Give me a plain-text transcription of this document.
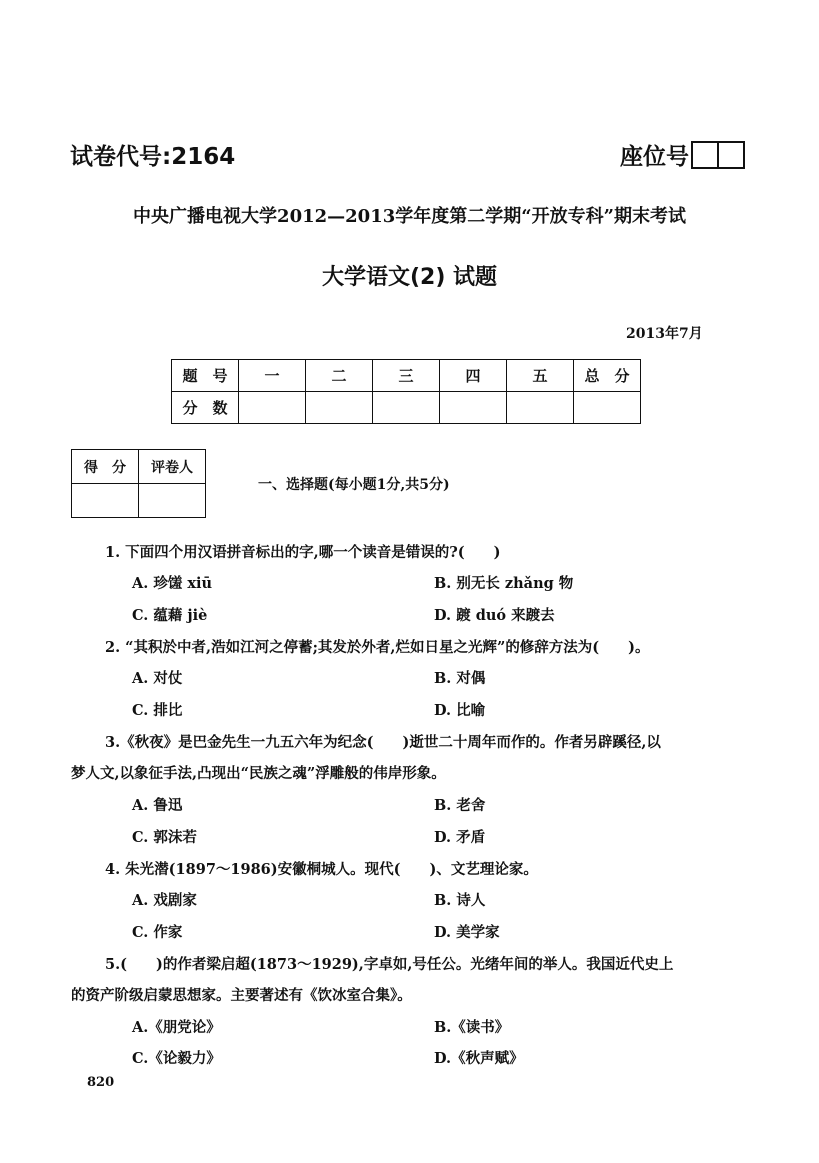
试卷代号:2164	座位号
中央广播电视大学2012—2013学年度第二学期“开放专科”期末考试
大学语文(2) 试题
2013年7月
题　号	一	二	三	四	五	总　分
分　数						
得　分	评卷人

一、选择题(每小题1分,共5分)
1. 下面四个用汉语拼音标出的字,哪一个读音是错误的?(　　)
A. 珍馐 xiū	B. 别无长 zhǎng 物
C. 蕴藉 jiè	D. 踱 duó 来踱去
2. “其积於中者,浩如江河之停蓄;其发於外者,烂如日星之光辉”的修辞方法为(　　)。
A. 对仗	B. 对偶
C. 排比	D. 比喻
3.《秋夜》是巴金先生一九五六年为纪念(　　)逝世二十周年而作的。作者另辟蹊径,以
梦人文,以象征手法,凸现出“民族之魂”浮雕般的伟岸形象。
A. 鲁迅	B. 老舍
C. 郭沫若	D. 矛盾
4. 朱光潜(1897～1986)安徽桐城人。现代(　　)、文艺理论家。
A. 戏剧家	B. 诗人
C. 作家	D. 美学家
5.(　　)的作者梁启超(1873～1929),字卓如,号任公。光绪年间的举人。我国近代史上
的资产阶级启蒙思想家。主要著述有《饮冰室合集》。
A.《朋党论》	B.《读书》
C.《论毅力》	D.《秋声赋》
820
